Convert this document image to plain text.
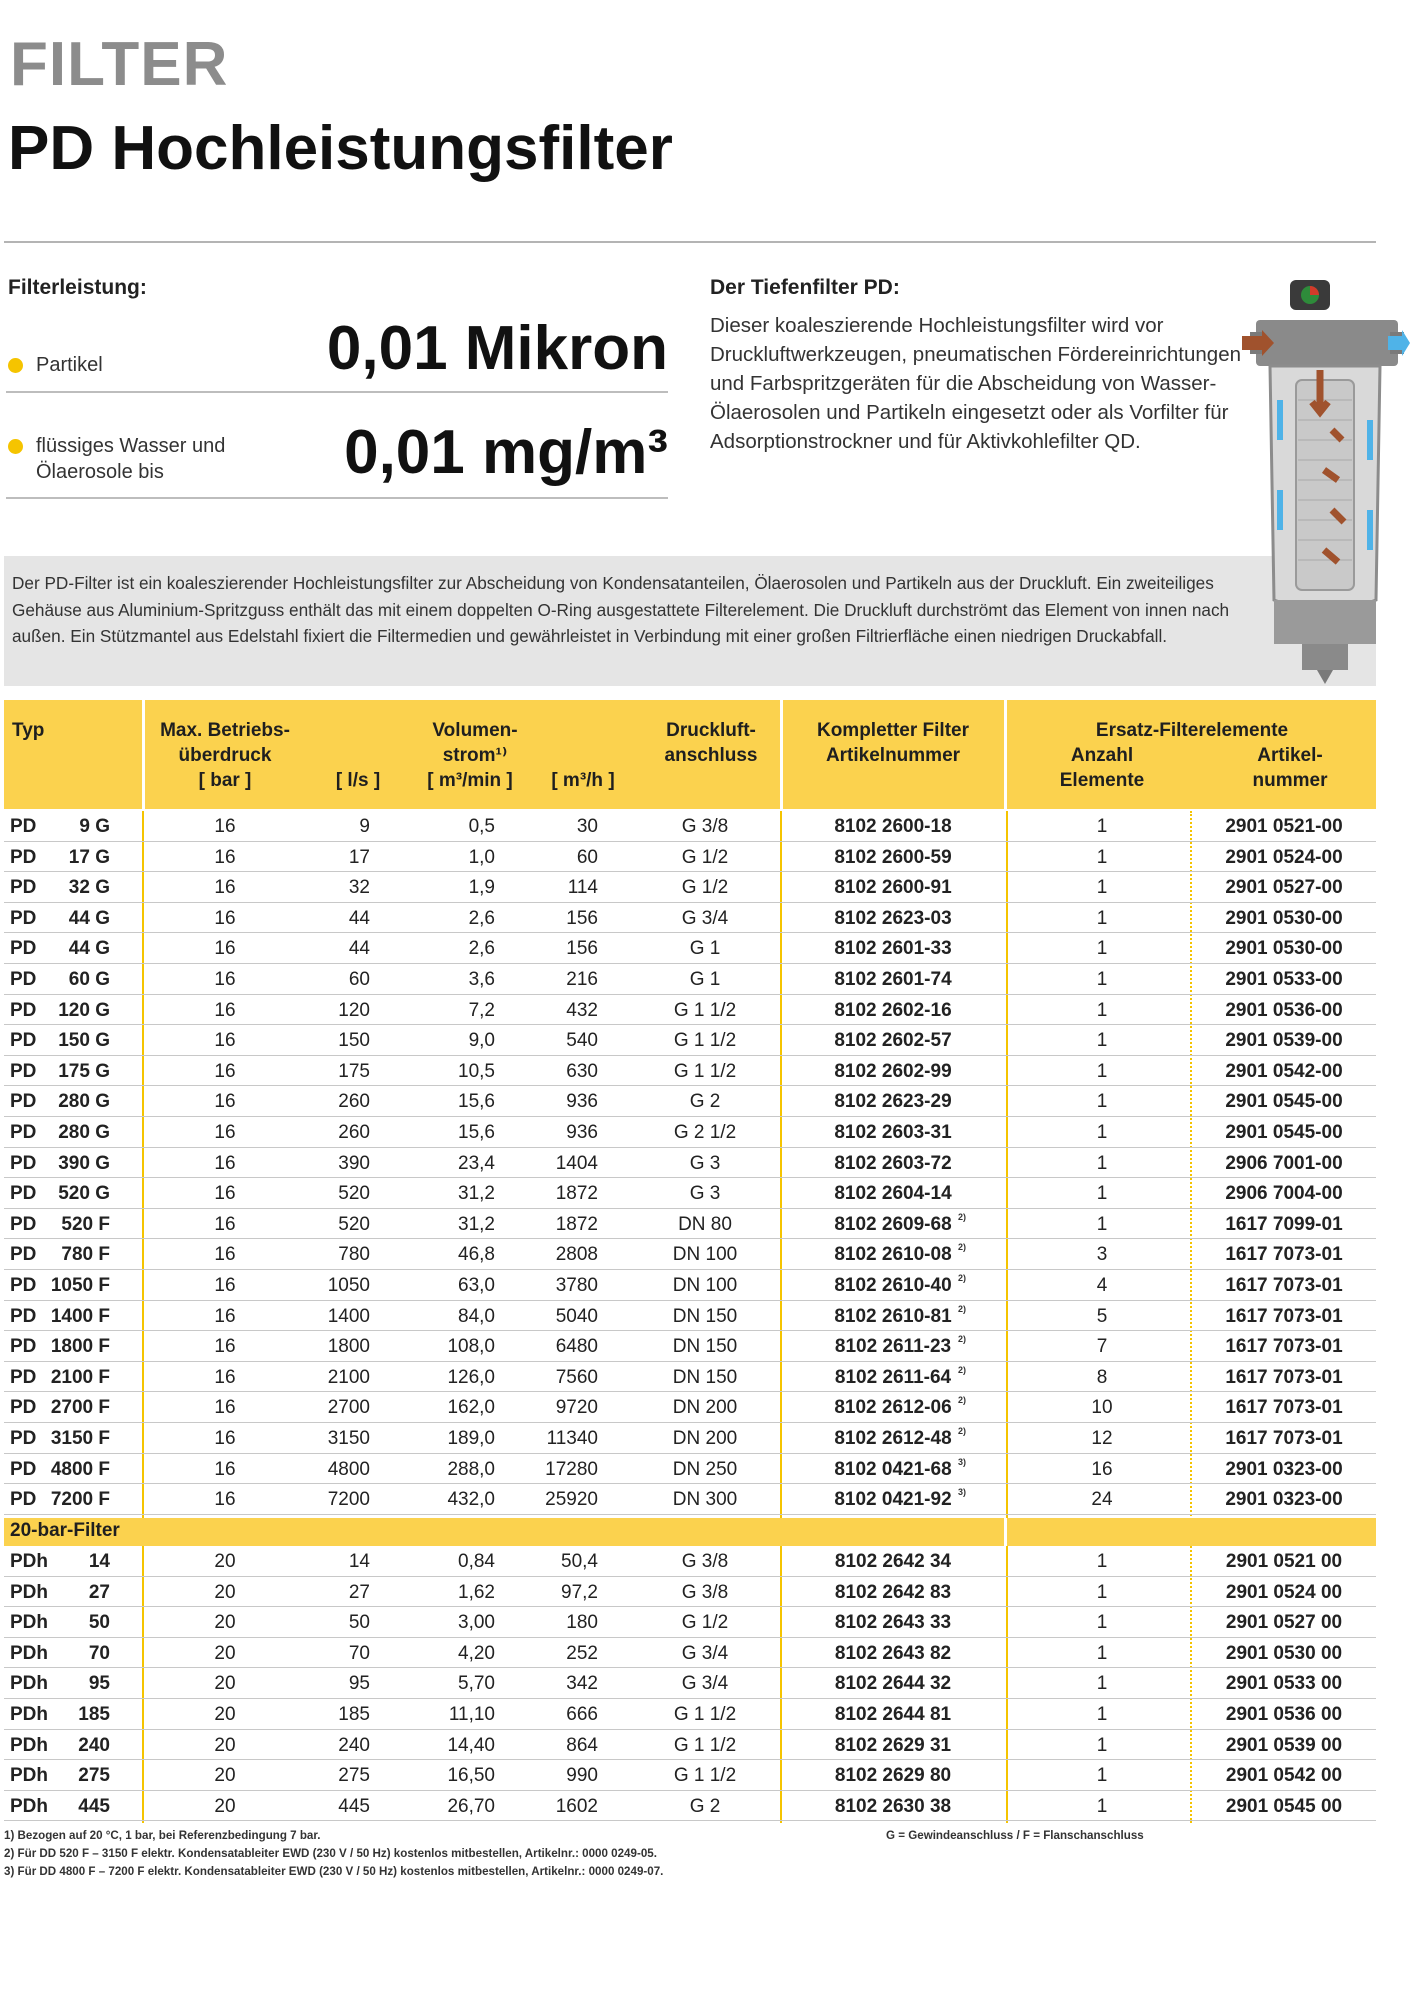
FILTER
PD Hochleistungsfilter
Filterleistung:
Partikel	0,01 Mikron
flüssiges Wasser und Ölaerosole bis	0,01 mg/m³
Der Tiefenfilter PD:
Dieser koaleszierende Hochleistungsfilter wird vor Druckluftwerkzeugen, pneumatischen Fördereinrichtungen und Farbspritzgeräten für die Abscheidung von Wasser-Ölaerosolen und Partikeln eingesetzt oder als Vorfilter für Adsorptionstrockner und für Aktivkohlefilter QD.
Der PD-Filter ist ein koaleszierender Hochleistungsfilter zur Abscheidung von Kondensatanteilen, Ölaerosolen und Partikeln aus der Druckluft. Ein zweiteiliges Gehäuse aus Aluminium-Spritzguss enthält das mit einem doppelten O-Ring ausgestattete Filterelement. Die Druckluft durchströmt das Element von innen nach außen. Ein Stützmantel aus Edelstahl fixiert die Filtermedien und gewährleistet in Verbindung mit einer großen Filtrierfläche einen niedrigen Druckabfall.
Typ	Max. Betriebs-
überdruck
[ bar ]
Volumen-
strom¹⁾
[ l/s ]	[ m³/min ]	[ m³/h ]
Druckluft-
anschluss
Kompletter Filter
Artikelnummer
Ersatz-Filterelemente
Anzahl
Elemente
Artikel-
nummer
20-bar-Filter
PD	9 G	16	9	0,5	30	G 3/8	8102 2600-18	1	2901 0521-00
PD	17 G	16	17	1,0	60	G 1/2	8102 2600-59	1	2901 0524-00
PD	32 G	16	32	1,9	114	G 1/2	8102 2600-91	1	2901 0527-00
PD	44 G	16	44	2,6	156	G 3/4	8102 2623-03	1	2901 0530-00
PD	44 G	16	44	2,6	156	G 1	8102 2601-33	1	2901 0530-00
PD	60 G	16	60	3,6	216	G 1	8102 2601-74	1	2901 0533-00
PD	120 G	16	120	7,2	432	G 1 1/2	8102 2602-16	1	2901 0536-00
PD	150 G	16	150	9,0	540	G 1 1/2	8102 2602-57	1	2901 0539-00
PD	175 G	16	175	10,5	630	G 1 1/2	8102 2602-99	1	2901 0542-00
PD	280 G	16	260	15,6	936	G 2	8102 2623-29	1	2901 0545-00
PD	280 G	16	260	15,6	936	G 2 1/2	8102 2603-31	1	2901 0545-00
PD	390 G	16	390	23,4	1404	G 3	8102 2603-72	1	2906 7001-00
PD	520 G	16	520	31,2	1872	G 3	8102 2604-14	1	2906 7004-00
PD	520 F	16	520	31,2	1872	DN 80	8102 2609-68 2)	1	1617 7099-01
PD	780 F	16	780	46,8	2808	DN 100	8102 2610-08 2)	3	1617 7073-01
PD 1050 F	16	1050	63,0	3780	DN 100	8102 2610-40 2)	4	1617 7073-01
PD 1400 F	16	1400	84,0	5040	DN 150	8102 2610-81 2)	5	1617 7073-01
PD 1800 F	16	1800	108,0	6480	DN 150	8102 2611-23 2)	7	1617 7073-01
PD 2100 F	16	2100	126,0	7560	DN 150	8102 2611-64 2)	8	1617 7073-01
PD 2700 F	16	2700	162,0	9720	DN 200	8102 2612-06 2)	10	1617 7073-01
PD 3150 F	16	3150	189,0	11340	DN 200	8102 2612-48 2)	12	1617 7073-01
PD 4800 F	16	4800	288,0	17280	DN 250	8102 0421-68 3)	16	2901 0323-00
PD 7200 F	16	7200	432,0	25920	DN 300	8102 0421-92 3)	24	2901 0323-00
PDh	14	20	14	0,84	50,4	G 3/8	8102 2642 34	1	2901 0521 00
PDh	27	20	27	1,62	97,2	G 3/8	8102 2642 83	1	2901 0524 00
PDh	50	20	50	3,00	180	G 1/2	8102 2643 33	1	2901 0527 00
PDh	70	20	70	4,20	252	G 3/4	8102 2643 82	1	2901 0530 00
PDh	95	20	95	5,70	342	G 3/4	8102 2644 32	1	2901 0533 00
PDh	185	20	185	11,10	666	G 1 1/2	8102 2644 81	1	2901 0536 00
PDh	240	20	240	14,40	864	G 1 1/2	8102 2629 31	1	2901 0539 00
PDh	275	20	275	16,50	990	G 1 1/2	8102 2629 80	1	2901 0542 00
PDh	445	20	445	26,70	1602	G 2	8102 2630 38	1	2901 0545 00
1) Bezogen auf 20 °C, 1 bar, bei Referenzbedingung 7 bar.
2) Für DD 520 F – 3150 F elektr. Kondensatableiter EWD (230 V / 50 Hz) kostenlos mitbestellen, Artikelnr.: 0000 0249-05.
3) Für DD 4800 F – 7200 F elektr. Kondensatableiter EWD (230 V / 50 Hz) kostenlos mitbestellen, Artikelnr.: 0000 0249-07.
G = Gewindeanschluss / F = Flanschanschluss
